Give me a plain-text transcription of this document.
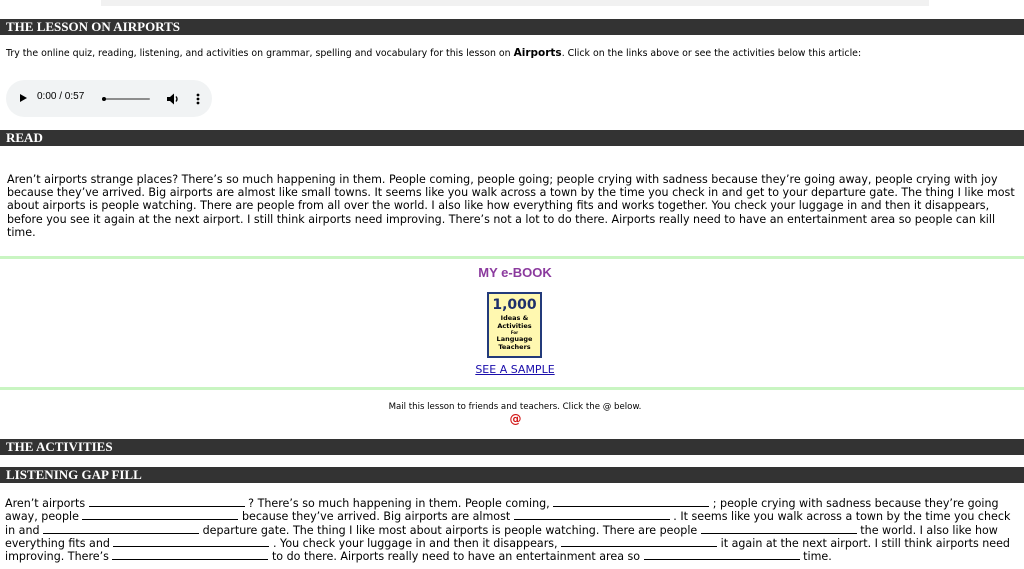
THE LESSON ON AIRPORTS
Try the online quiz, reading, listening, and activities on grammar, spelling and vocabulary for this lesson on Airports. Click on the links above or see the activities below this article:
0:00 / 0:57
READ
Aren’t airports strange places? There’s so much happening in them. People coming, people going; people crying with sadness because they’re going away, people crying with joy because they’ve arrived. Big airports are almost like small towns. It seems like you walk across a town by the time you check in and get to your departure gate. The thing I like most about airports is people watching. There are people from all over the world. I also like how everything fits and works together. You check your luggage in and then it disappears, before you see it again at the next airport. I still think airports need improving. There’s not a lot to do there. Airports really need to have an entertainment area so people can kill time.
MY e-BOOK
1,000
Ideas &
Activities
For
Language
Teachers
SEE A SAMPLE
Mail this lesson to friends and teachers. Click the @ below.
@
THE ACTIVITIES
LISTENING GAP FILL
Aren’t airports	? There’s so much happening in them. People coming,	; people crying with sadness because they’re going away, people	because they’ve arrived. Big airports are almost	. It seems like you walk across a town by the time you check in and	departure gate. The thing I like most about airports is people watching. There are people	the world. I also like how everything fits and	. You check your luggage in and then it disappears,	it again at the next airport. I still think airports need improving. There’s	to do there. Airports really need to have an entertainment area so	time.
